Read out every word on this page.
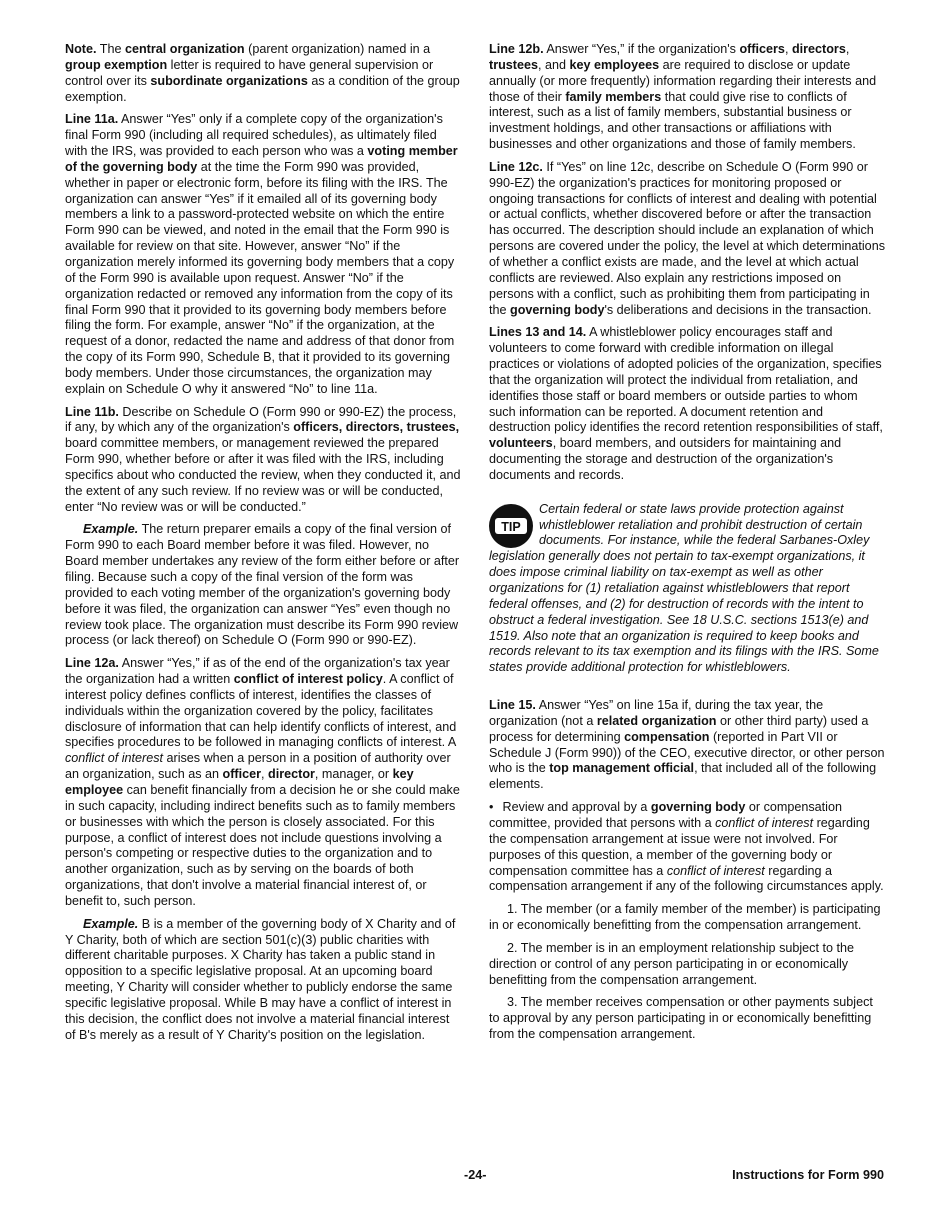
Note. The central organization (parent organization) named in a group exemption letter is required to have general supervision or control over its subordinate organizations as a condition of the group exemption.

Line 11a. Answer “Yes” only if a complete copy of the organization's final Form 990 (including all required schedules), as ultimately filed with the IRS, was provided to each person who was a voting member of the governing body at the time the Form 990 was provided, whether in paper or electronic form, before its filing with the IRS. The organization can answer “Yes” if it emailed all of its governing body members a link to a password-protected website on which the entire Form 990 can be viewed, and noted in the email that the Form 990 is available for review on that site. However, answer “No” if the organization merely informed its governing body members that a copy of the Form 990 is available upon request. Answer “No” if the organization redacted or removed any information from the copy of its final Form 990 that it provided to its governing body members before filing the form. For example, answer “No” if the organization, at the request of a donor, redacted the name and address of that donor from the copy of its Form 990, Schedule B, that it provided to its governing body members. Under those circumstances, the organization may explain on Schedule O why it answered “No” to line 11a.

Line 11b. Describe on Schedule O (Form 990 or 990-EZ) the process, if any, by which any of the organization's officers, directors, trustees, board committee members, or management reviewed the prepared Form 990, whether before or after it was filed with the IRS, including specifics about who conducted the review, when they conducted it, and the extent of any such review. If no review was or will be conducted, enter “No review was or will be conducted.”

Example. The return preparer emails a copy of the final version of Form 990 to each Board member before it was filed. However, no Board member undertakes any review of the form either before or after filing. Because such a copy of the final version of the form was provided to each voting member of the organization's governing body before it was filed, the organization can answer “Yes” even though no review took place. The organization must describe its Form 990 review process (or lack thereof) on Schedule O (Form 990 or 990-EZ).

Line 12a. Answer “Yes,” if as of the end of the organization's tax year the organization had a written conflict of interest policy. A conflict of interest policy defines conflicts of interest, identifies the classes of individuals within the organization covered by the policy, facilitates disclosure of information that can help identify conflicts of interest, and specifies procedures to be followed in managing conflicts of interest. A conflict of interest arises when a person in a position of authority over an organization, such as an officer, director, manager, or key employee can benefit financially from a decision he or she could make in such capacity, including indirect benefits such as to family members or businesses with which the person is closely associated. For this purpose, a conflict of interest does not include questions involving a person's competing or respective duties to the organization and to another organization, such as by serving on the boards of both organizations, that don't involve a material financial interest of, or benefit to, such person.

Example. B is a member of the governing body of X Charity and of Y Charity, both of which are section 501(c)(3) public charities with different charitable purposes. X Charity has taken a public stand in opposition to a specific legislative proposal. At an upcoming board meeting, Y Charity will consider whether to publicly endorse the same specific legislative proposal. While B may have a conflict of interest in this decision, the conflict does not involve a material financial interest of B's merely as a result of Y Charity's position on the legislation.

Line 12b. Answer “Yes,” if the organization's officers, directors, trustees, and key employees are required to disclose or update annually (or more frequently) information regarding their interests and those of their family members that could give rise to conflicts of interest, such as a list of family members, substantial business or investment holdings, and other transactions or affiliations with businesses and other organizations and those of family members.

Line 12c. If “Yes” on line 12c, describe on Schedule O (Form 990 or 990-EZ) the organization's practices for monitoring proposed or ongoing transactions for conflicts of interest and dealing with potential or actual conflicts, whether discovered before or after the transaction has occurred. The description should include an explanation of which persons are covered under the policy, the level at which determinations of whether a conflict exists are made, and the level at which actual conflicts are reviewed. Also explain any restrictions imposed on persons with a conflict, such as prohibiting them from participating in the governing body's deliberations and decisions in the transaction.

Lines 13 and 14. A whistleblower policy encourages staff and volunteers to come forward with credible information on illegal practices or violations of adopted policies of the organization, specifies that the organization will protect the individual from retaliation, and identifies those staff or board members or outside parties to whom such information can be reported. A document retention and destruction policy identifies the record retention responsibilities of staff, volunteers, board members, and outsiders for maintaining and documenting the storage and destruction of the organization's documents and records.

TIP

Certain federal or state laws provide protection against whistleblower retaliation and prohibit destruction of certain documents. For instance, while the federal Sarbanes-Oxley legislation generally does not pertain to tax-exempt organizations, it does impose criminal liability on tax-exempt as well as other organizations for (1) retaliation against whistleblowers that report federal offenses, and (2) for destruction of records with the intent to obstruct a federal investigation. See 18 U.S.C. sections 1513(e) and 1519. Also note that an organization is required to keep books and records relevant to its tax exemption and its filings with the IRS. Some states provide additional protection for whistleblowers.

Line 15. Answer “Yes” on line 15a if, during the tax year, the organization (not a related organization or other third party) used a process for determining compensation (reported in Part VII or Schedule J (Form 990)) of the CEO, executive director, or other person who is the top management official, that included all of the following elements.

• Review and approval by a governing body or compensation committee, provided that persons with a conflict of interest regarding the compensation arrangement at issue were not involved. For purposes of this question, a member of the governing body or compensation committee has a conflict of interest regarding a compensation arrangement if any of the following circumstances apply.

1. The member (or a family member of the member) is participating in or economically benefitting from the compensation arrangement.

2. The member is in an employment relationship subject to the direction or control of any person participating in or economically benefitting from the compensation arrangement.

3. The member receives compensation or other payments subject to approval by any person participating in or economically benefitting from the compensation arrangement.

-24-	Instructions for Form 990
